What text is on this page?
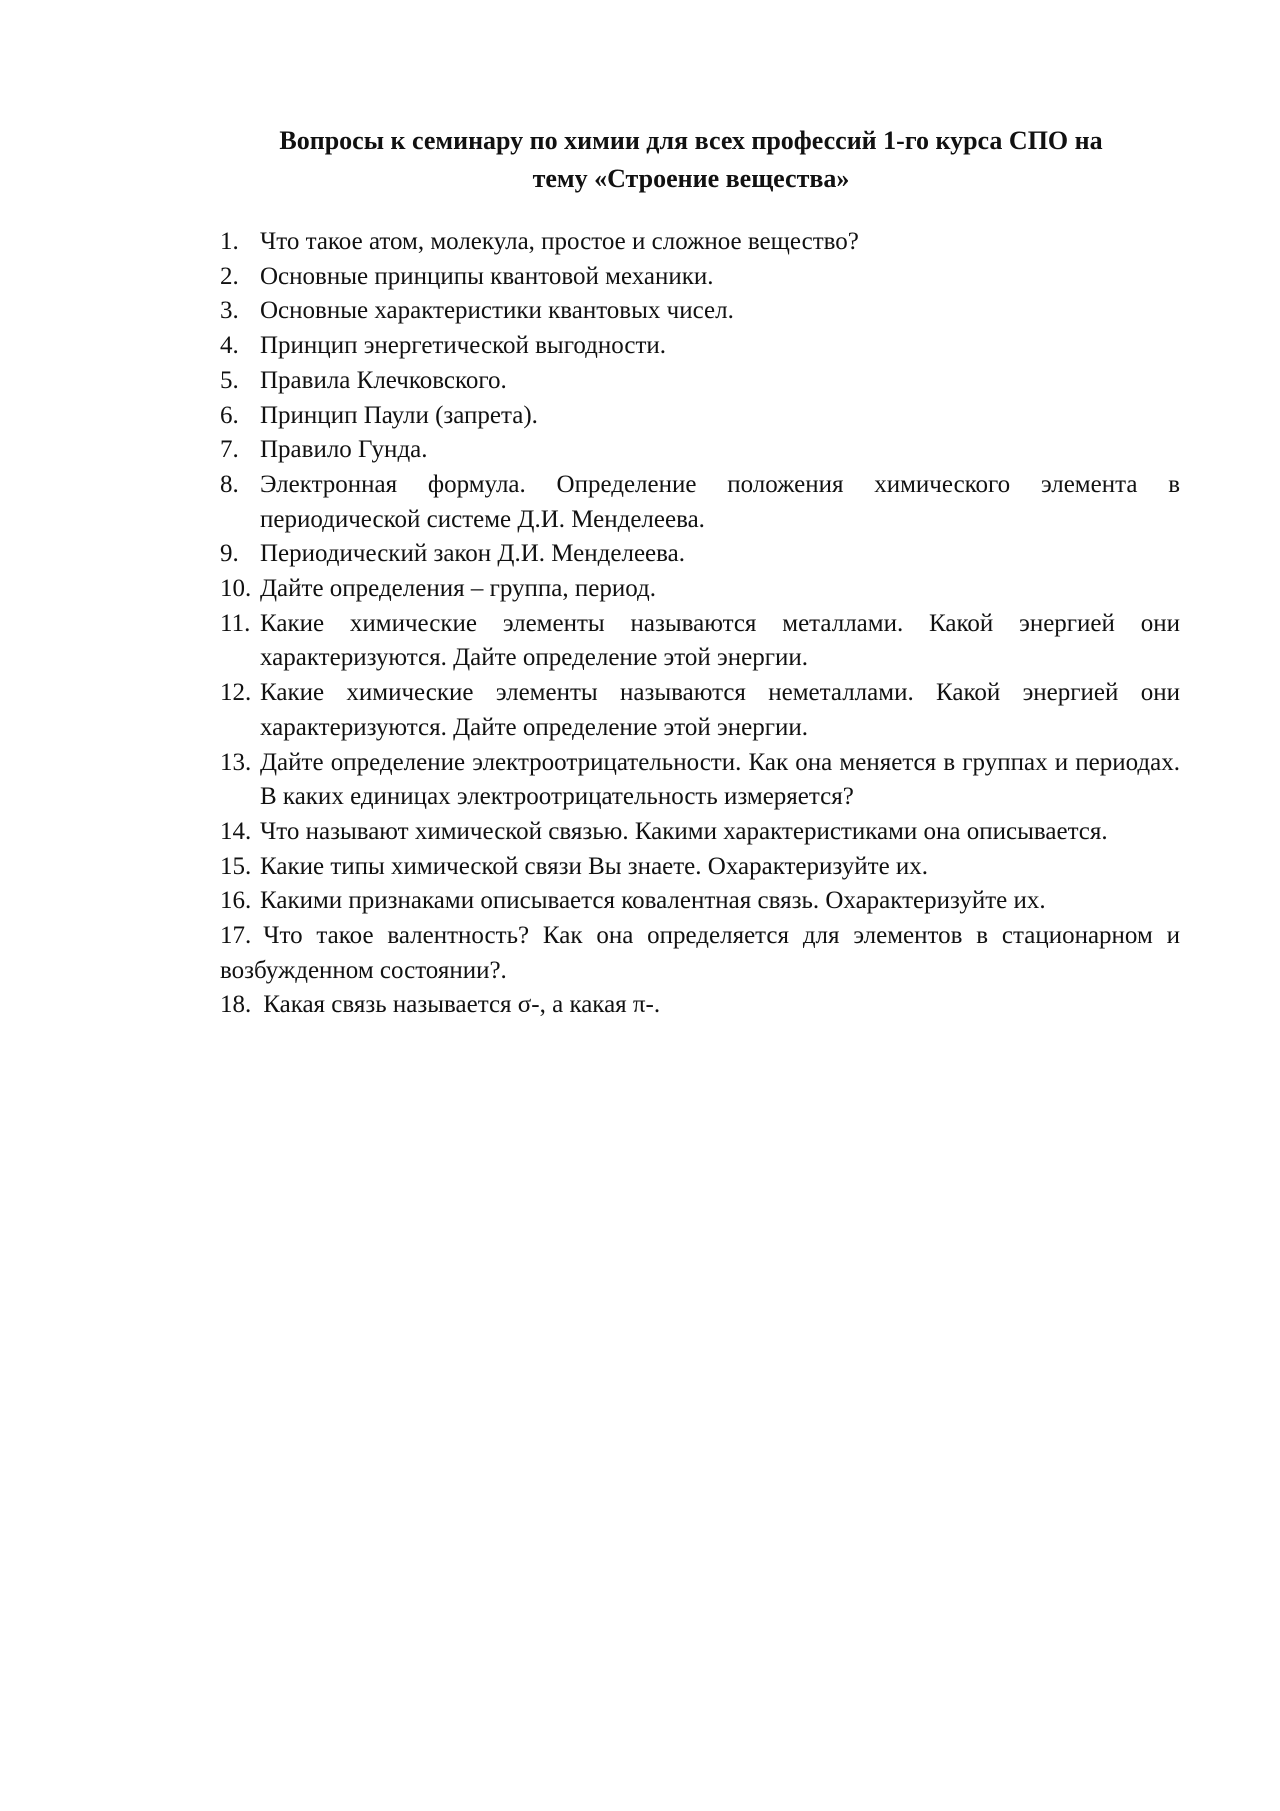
Вопросы к семинару по химии для всех профессий 1-го курса СПО на
тему «Строение вещества»
1. Что такое атом, молекула, простое и сложное вещество?
2. Основные принципы квантовой механики.
3. Основные характеристики квантовых чисел.
4. Принцип энергетической выгодности.
5. Правила Клечковского.
6. Принцип Паули (запрета).
7. Правило Гунда.
8. Электронная формула. Определение положения химического элемента в периодической системе Д.И. Менделеева.
9. Периодический закон Д.И. Менделеева.
10. Дайте определения – группа, период.
11. Какие химические элементы называются металлами. Какой энергией они характеризуются. Дайте определение этой энергии.
12. Какие химические элементы называются неметаллами. Какой энергией они характеризуются. Дайте определение этой энергии.
13. Дайте определение электроотрицательности. Как она меняется в группах и периодах. В каких единицах электроотрицательность измеряется?
14. Что называют химической связью. Какими характеристиками она описывается.
15. Какие типы химической связи Вы знаете. Охарактеризуйте их.
16. Какими признаками описывается ковалентная связь. Охарактеризуйте их.
17. Что такое валентность? Как она определяется для элементов в стационарном и возбужденном состоянии?.
18. Какая связь называется σ-, а какая π-.
